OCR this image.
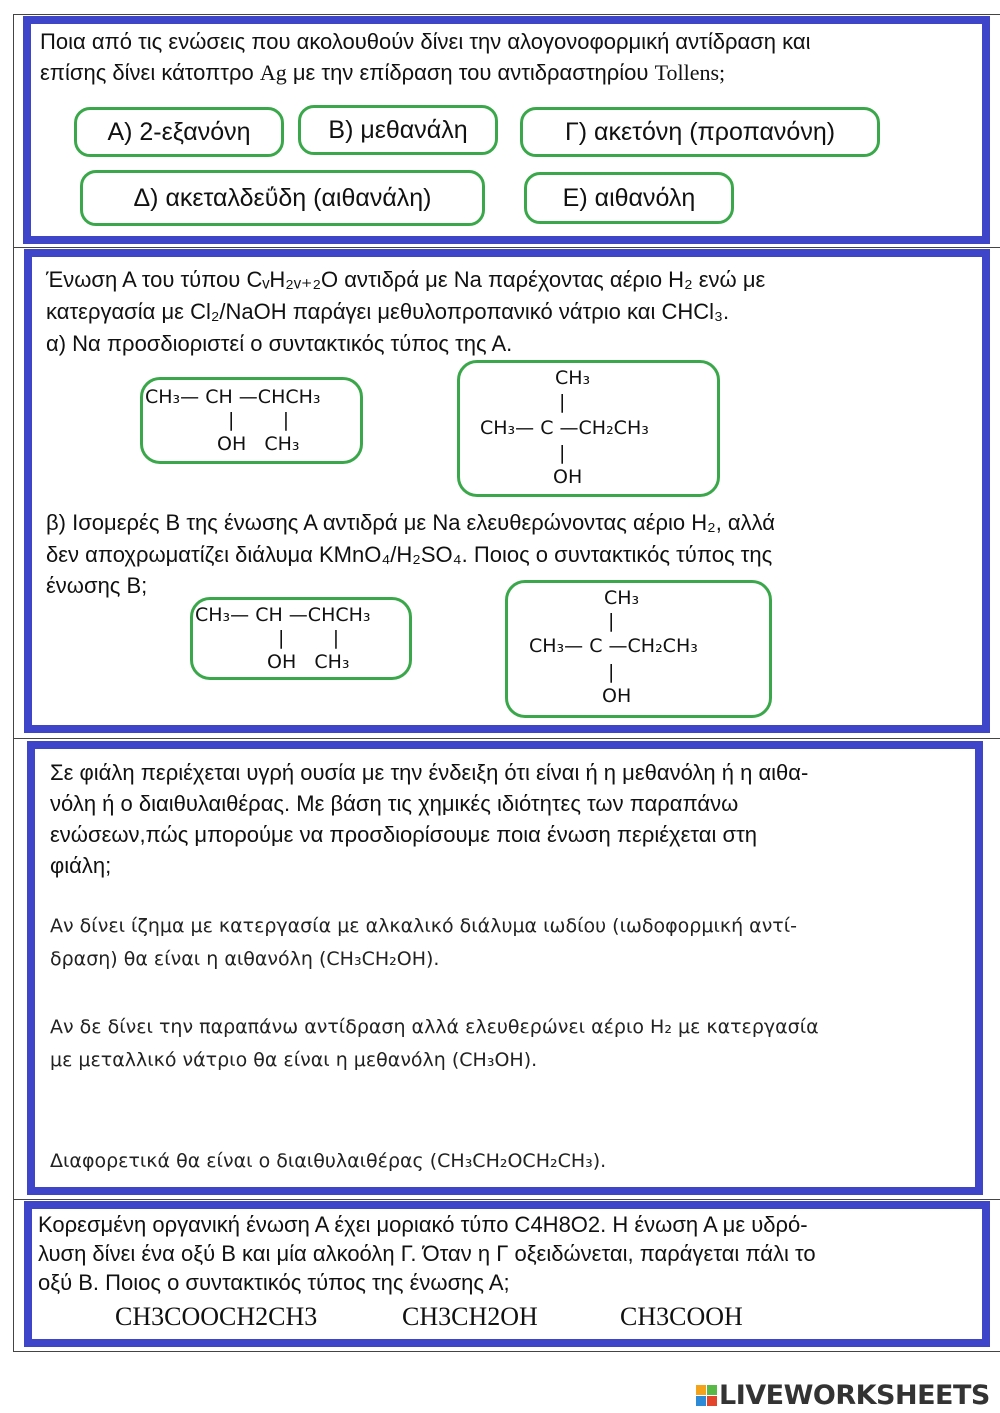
Ποια από τις ενώσεις που ακολουθούν δίνει την αλογονοφορμική αντίδραση και
επίσης δίνει κάτοπτρο Ag με την επίδραση του αντιδραστηρίου Tollens;
Α) 2-εξανόνη	Β) μεθανάλη	Γ) ακετόνη (προπανόνη)
Δ) ακεταλδεΰδη (αιθανάλη)	Ε) αιθανόλη
Ένωση Α του τύπου CᵥH₂ᵥ₊₂O αντιδρά με Na παρέχοντας αέριο H₂ ενώ με
κατεργασία με Cl₂/NaOH παράγει μεθυλοπροπανικό νάτριο και CHCl₃.
α) Να προσδιοριστεί ο συντακτικός τύπος της Α.
CH₃— CH —CHCH₃
|        |
OH   CH₃
CH₃
|
CH₃— C —CH₂CH₃
|
OH
β) Ισομερές Β της ένωσης Α αντιδρά με Na ελευθερώνοντας αέριο H₂, αλλά
δεν αποχρωματίζει διάλυμα KMnO₄/H₂SO₄. Ποιος ο συντακτικός τύπος της
ένωσης Β;
CH₃— CH —CHCH₃
|        |
OH   CH₃
CH₃
|
CH₃— C —CH₂CH₃
|
OH
Σε φιάλη περιέχεται υγρή ουσία με την ένδειξη ότι είναι ή η μεθανόλη ή η αιθα-
νόλη ή ο διαιθυλαιθέρας. Με βάση τις χημικές ιδιότητες των παραπάνω
ενώσεων,πώς μπορούμε να προσδιορίσουμε ποια ένωση περιέχεται στη
φιάλη;
Αν δίνει ίζημα με κατεργασία με αλκαλικό διάλυμα ιωδίου (ιωδοφορμική αντί-
δραση) θα είναι η αιθανόλη (CH₃CH₂OH).
Αν δε δίνει την παραπάνω αντίδραση αλλά ελευθερώνει αέριο H₂ με κατεργασία
με μεταλλικό νάτριο θα είναι η μεθανόλη (CH₃OH).
Διαφορετικά θα είναι ο διαιθυλαιθέρας (CH₃CH₂OCH₂CH₃).
Κορεσμένη οργανική ένωση Α έχει μοριακό τύπο C4H8O2. Η ένωση Α με υδρό-
λυση δίνει ένα οξύ Β και μία αλκοόλη Γ. Όταν η Γ οξειδώνεται, παράγεται πάλι το
οξύ Β. Ποιος ο συντακτικός τύπος της ένωσης Α;
CH3COOCH2CH3	CH3CH2OH	CH3COOH
LIVEWORKSHEETS
